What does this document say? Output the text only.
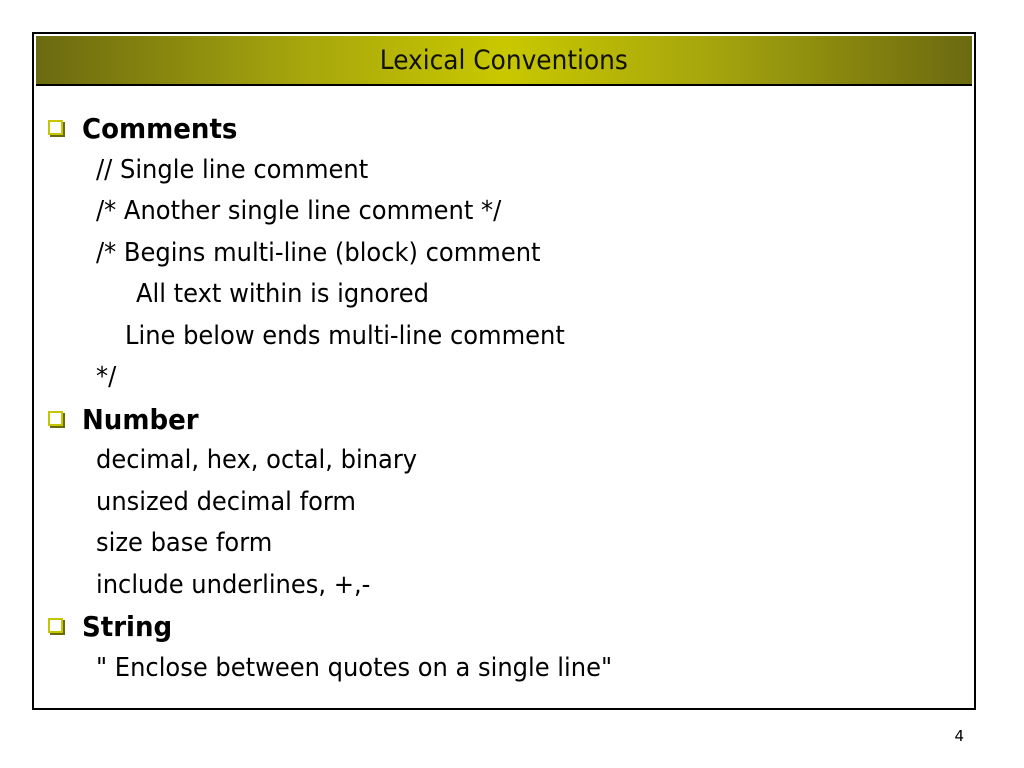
Lexical Conventions
Comments
// Single line comment
/* Another single line comment */
/* Begins multi-line (block) comment
All text within is ignored
Line below ends multi-line comment
*/
Number
decimal, hex, octal, binary
unsized decimal form
size base form
include underlines, +,-
String
" Enclose between quotes on a single line"
4
